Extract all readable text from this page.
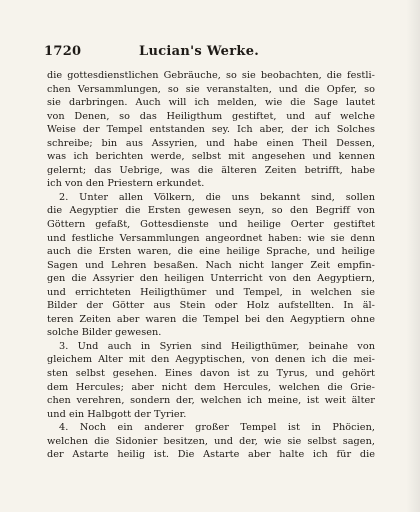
1720	Lucian's Werke.
die gottesdienstlichen Gebräuche, so sie beobachten, die festli-
chen Versammlungen, so sie veranstalten, und die Opfer, so
sie darbringen. Auch will ich melden, wie die Sage lautet
von Denen, so das Heiligthum gestiftet, und auf welche
Weise der Tempel entstanden sey. Ich aber, der ich Solches
schreibe; bin aus Assyrien, und habe einen Theil Dessen,
was ich berichten werde, selbst mit angesehen und kennen
gelernt; das Uebrige, was die älteren Zeiten betrifft, habe
ich von den Priestern erkundet.
2. Unter allen Völkern, die uns bekannt sind, sollen
die Aegyptier die Ersten gewesen seyn, so den Begriff von
Göttern gefaßt, Gottesdienste und heilige Oerter gestiftet
und festliche Versammlungen angeordnet haben: wie sie denn
auch die Ersten waren, die eine heilige Sprache, und heilige
Sagen und Lehren besaßen. Nach nicht langer Zeit empfin-
gen die Assyrier den heiligen Unterricht von den Aegyptiern,
und errichteten Heiligthümer und Tempel, in welchen sie
Bilder der Götter aus Stein oder Holz aufstellten. In äl-
teren Zeiten aber waren die Tempel bei den Aegyptiern ohne
solche Bilder gewesen.
3. Und auch in Syrien sind Heiligthümer, beinahe von
gleichem Alter mit den Aegyptischen, von denen ich die mei-
sten selbst gesehen. Eines davon ist zu Tyrus, und gehört
dem Hercules; aber nicht dem Hercules, welchen die Grie-
chen verehren, sondern der, welchen ich meine, ist weit älter
und ein Halbgott der Tyrier.
4. Noch ein anderer großer Tempel ist in Phöcien,
welchen die Sidonier besitzen, und der, wie sie selbst sagen,
der Astarte heilig ist. Die Astarte aber halte ich für die
